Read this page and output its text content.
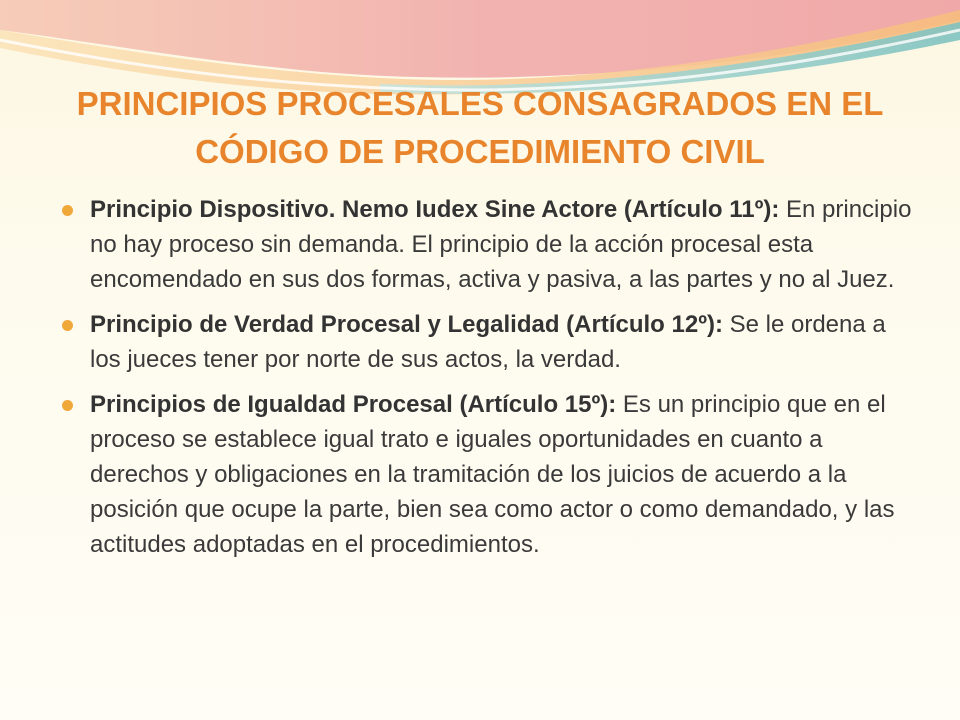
PRINCIPIOS PROCESALES CONSAGRADOS EN EL
CÓDIGO DE PROCEDIMIENTO CIVIL
Principio Dispositivo. Nemo Iudex Sine Actore (Artículo 11º): En principio no hay proceso sin demanda. El principio de la acción procesal esta encomendado en sus dos formas, activa y pasiva, a las partes y no al Juez.
Principio de Verdad Procesal y Legalidad (Artículo 12º): Se le ordena a los jueces tener por norte de sus actos, la verdad.
Principios de Igualdad Procesal (Artículo 15º): Es un principio que en el proceso se establece igual trato e iguales oportunidades en cuanto a derechos y obligaciones en la tramitación de los juicios de acuerdo a la posición que ocupe la parte, bien sea como actor o como demandado, y las actitudes adoptadas en el procedimientos.
